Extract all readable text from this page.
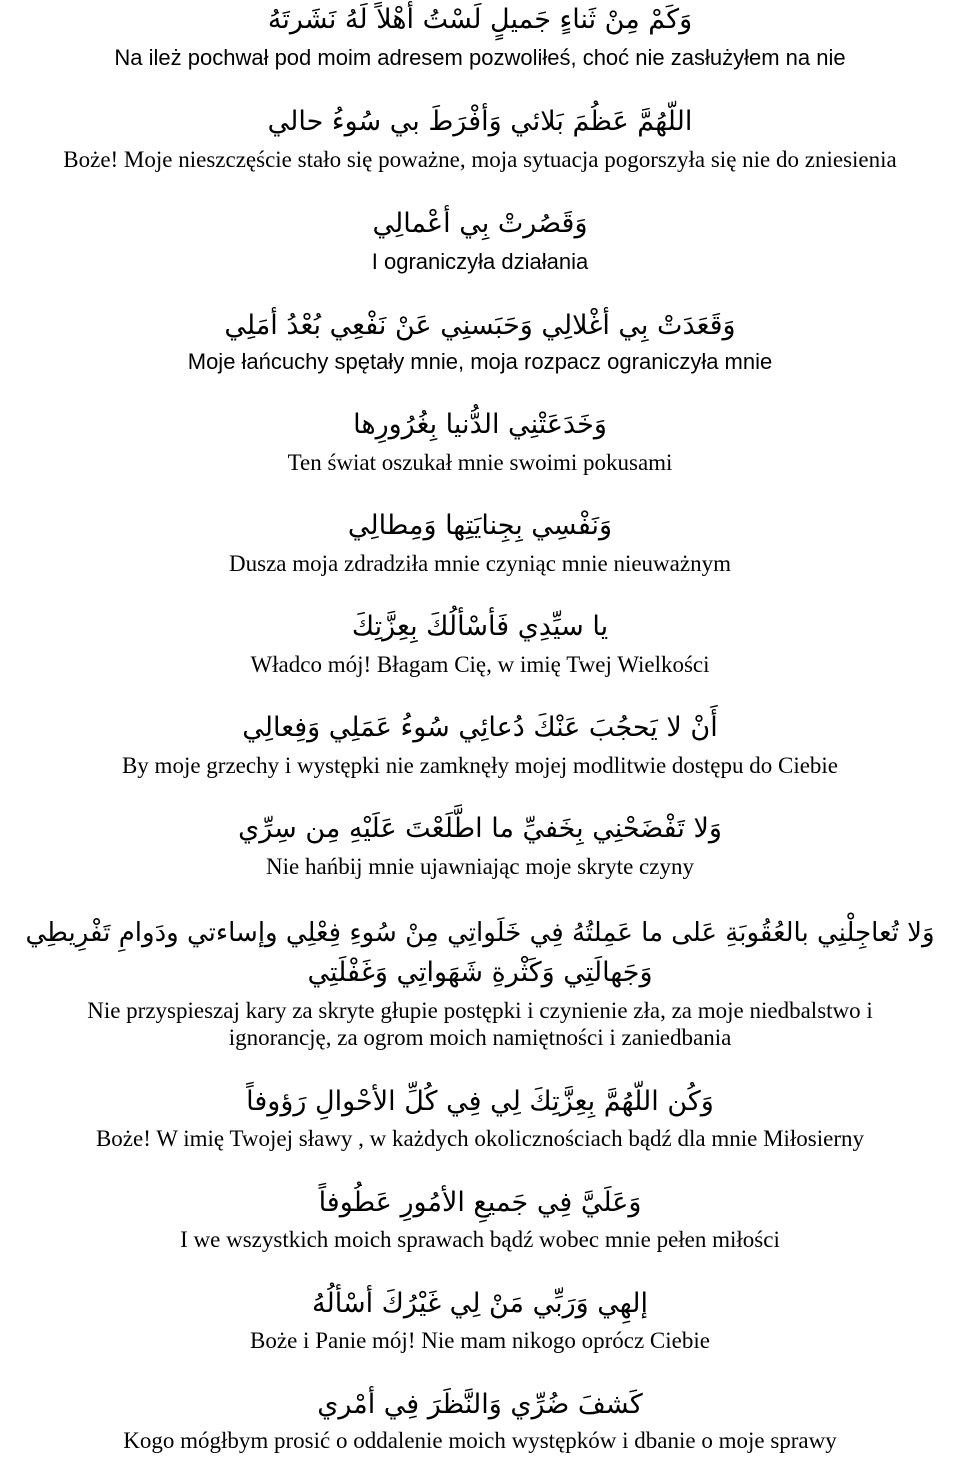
وَكَمْ مِنْ ثَناءٍ جَميلٍ لَسْتُ أَهْلاً لَهُ نَشَرتَهُ
Na ileż pochwał pod moim adresem pozwoliłeś, choć nie zasłużyłem na nie
اللّهُمَّ عَظُمَ بَلائي وَأفْرَطَ بي سُوءُ حالي
Boże! Moje nieszczęście stało się poważne, moja sytuacja pogorszyła się nie do zniesienia
وَقَصُرتْ بِي أعْمالِي
I ograniczyła działania
وَقَعَدَتْ بِي أغْلالِي وَحَبَسنِي عَنْ نَفْعِي بُعْدُ أمَلِي
Moje łańcuchy spętały mnie, moja rozpacz ograniczyła mnie
وَخَدَعَتْنِي الدُّنيا بِغُرُورِها
Ten świat oszukał mnie swoimi pokusami
وَنَفْسِي بِجِنايَتِها وَمِطالِي
Dusza moja zdradziła mnie czyniąc mnie nieuważnym
يا سيِّدِي فَأسْألُكَ بِعِزَّتِكَ
Władco mój! Błagam Cię, w imię Twej Wielkości
أَنْ لا يَحجُبَ عَنْكَ دُعائِي سُوءُ عَمَلِي وَفِعالِي
By moje grzechy i występki nie zamknęły mojej modlitwie dostępu do Ciebie
وَلا تَفْضَحْنِي بِخَفيِّ ما اطَّلَعْتَ عَلَيْهِ مِن سِرِّي
Nie hańbij mnie ujawniając moje skryte czyny
وَلا تُعاجِلْنِي بالعُقُوبَةِ عَلى ما عَمِلتُهُ فِي خَلَواتِي مِنْ سُوءِ فِعْلِي وإساءتي ودَوامِ تَفْرِيطِي
وَجَهالَتِي وَكَثْرةِ شَهَواتِي وَغَفْلَتِي
Nie przyspieszaj kary za skryte głupie postępki i czynienie zła, za moje niedbalstwo i
ignorancję, za ogrom moich namiętności i zaniedbania
وَكُن اللّهُمَّ بِعِزَّتِكَ لِي فِي كُلِّ الأحْوالِ رَؤوفاً
Boże! W imię Twojej sławy , w każdych okolicznościach bądź dla mnie Miłosierny
وَعَلَيَّ فِي جَميعِ الأمُورِ عَطُوفاً
I we wszystkich moich sprawach bądź wobec mnie pełen miłości
إلهِي وَرَبِّي مَنْ لِي غَيْرُكَ أسْألُهُ
Boże i Panie mój! Nie mam nikogo oprócz Ciebie
كَشفَ ضُرِّي وَالنَّظَرَ فِي أمْري
Kogo mógłbym prosić o oddalenie moich występków i dbanie o moje sprawy
